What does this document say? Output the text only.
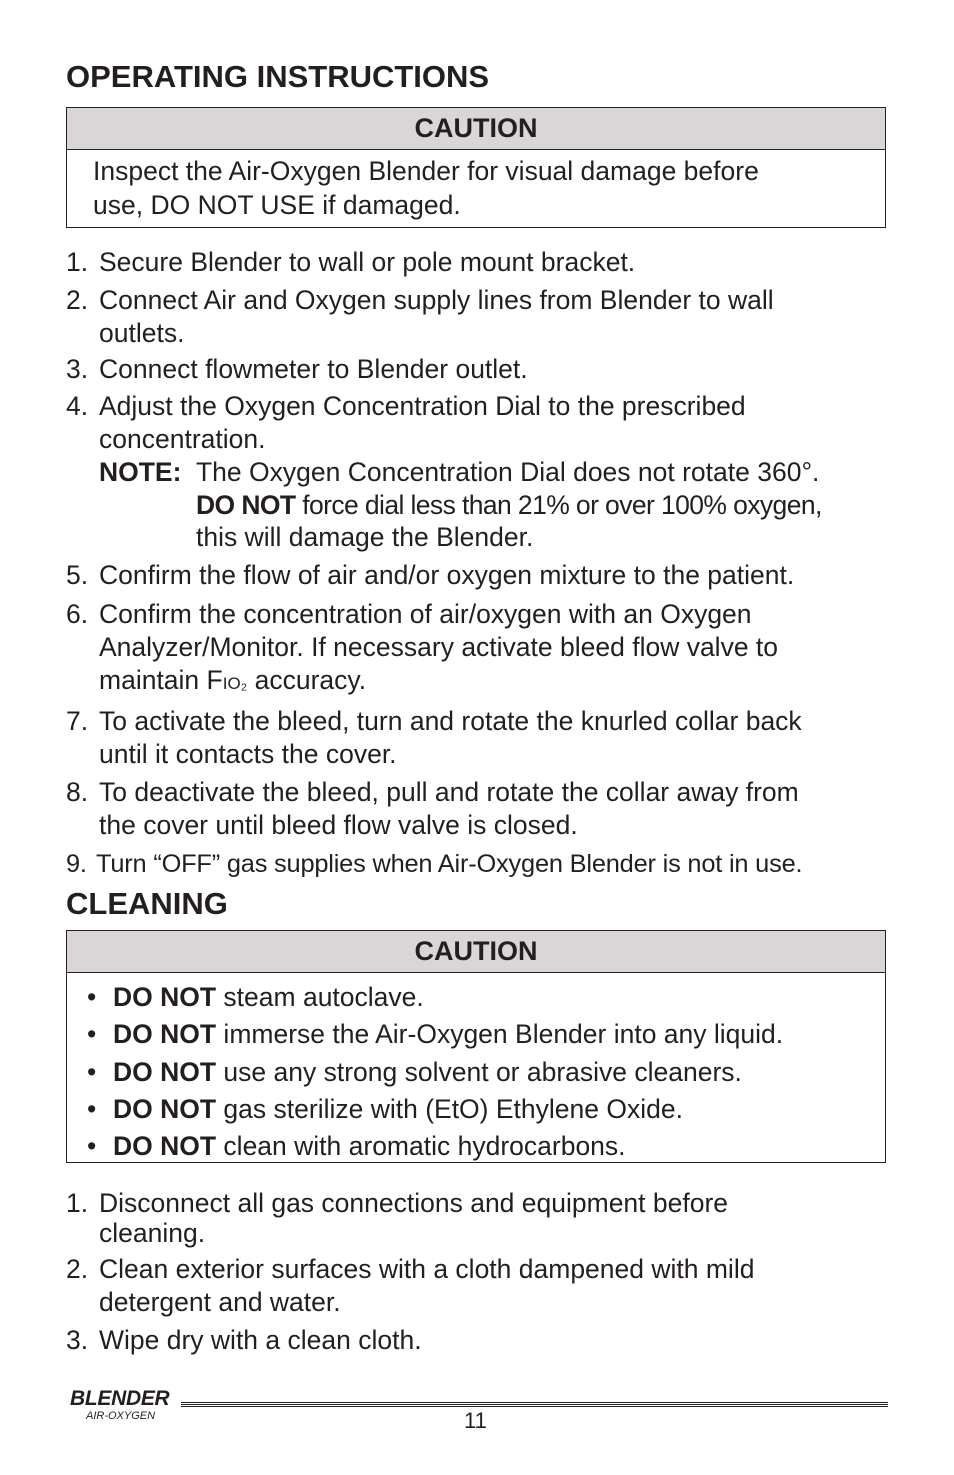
OPERATING INSTRUCTIONS
CAUTION
Inspect the Air-Oxygen Blender for visual damage before
use, DO NOT USE if damaged.
1. Secure Blender to wall or pole mount bracket.
2. Connect Air and Oxygen supply lines from Blender to wall
outlets.
3. Connect flowmeter to Blender outlet.
4. Adjust the Oxygen Concentration Dial to the prescribed
concentration.
NOTE: The Oxygen Concentration Dial does not rotate 360°.
DO NOT force dial less than 21% or over 100% oxygen,
this will damage the Blender.
5. Confirm the flow of air and/or oxygen mixture to the patient.
6. Confirm the concentration of air/oxygen with an Oxygen
Analyzer/Monitor. If necessary activate bleed flow valve to
maintain FIO₂ accuracy.
7. To activate the bleed, turn and rotate the knurled collar back
until it contacts the cover.
8. To deactivate the bleed, pull and rotate the collar away from
the cover until bleed flow valve is closed.
9. Turn “OFF” gas supplies when Air-Oxygen Blender is not in use.
CLEANING
CAUTION
• DO NOT steam autoclave.
• DO NOT immerse the Air-Oxygen Blender into any liquid.
• DO NOT use any strong solvent or abrasive cleaners.
• DO NOT gas sterilize with (EtO) Ethylene Oxide.
• DO NOT clean with aromatic hydrocarbons.
1. Disconnect all gas connections and equipment before
cleaning.
2. Clean exterior surfaces with a cloth dampened with mild
detergent and water.
3. Wipe dry with a clean cloth.
BLENDER
AIR-OXYGEN	11
